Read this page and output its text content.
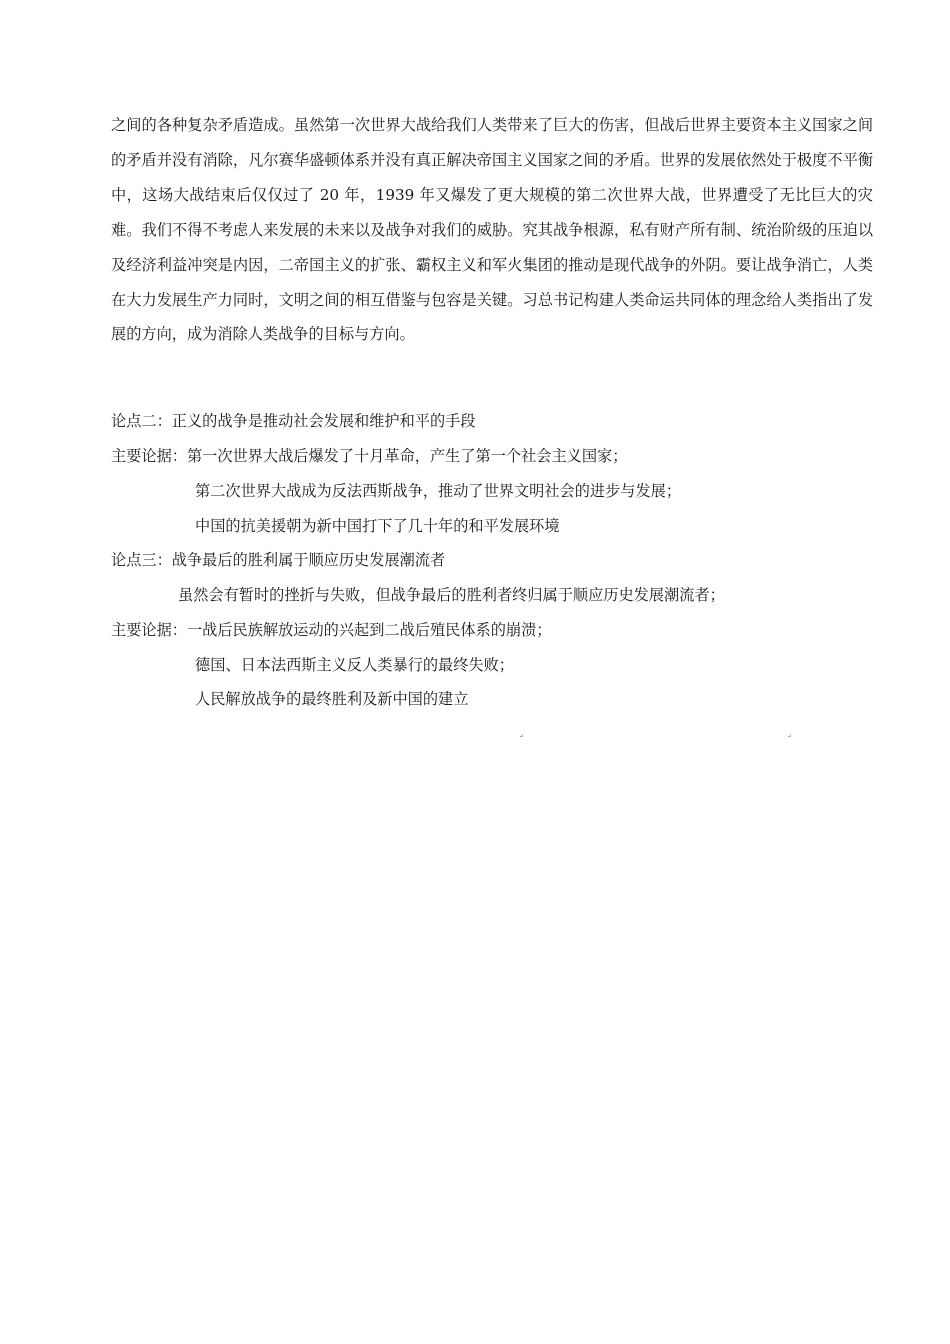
之间的各种复杂矛盾造成。虽然第一次世界大战给我们人类带来了巨大的伤害，但战后世界主要资本主义国家之间的矛盾并没有消除，凡尔赛华盛顿体系并没有真正解决帝国主义国家之间的矛盾。世界的发展依然处于极度不平衡中，这场大战结束后仅仅过了 20 年，1939 年又爆发了更大规模的第二次世界大战，世界遭受了无比巨大的灾难。我们不得不考虑人来发展的未来以及战争对我们的威胁。究其战争根源，私有财产所有制、统治阶级的压迫以及经济利益冲突是内因，二帝国主义的扩张、霸权主义和军火集团的推动是现代战争的外阴。要让战争消亡，人类在大力发展生产力同时，文明之间的相互借鉴与包容是关键。习总书记构建人类命运共同体的理念给人类指出了发展的方向，成为消除人类战争的目标与方向。

论点二：正义的战争是推动社会发展和维护和平的手段

主要论据：第一次世界大战后爆发了十月革命，产生了第一个社会主义国家；

第二次世界大战成为反法西斯战争，推动了世界文明社会的进步与发展；

中国的抗美援朝为新中国打下了几十年的和平发展环境

论点三：战争最后的胜利属于顺应历史发展潮流者

虽然会有暂时的挫折与失败，但战争最后的胜利者终归属于顺应历史发展潮流者；

主要论据：一战后民族解放运动的兴起到二战后殖民体系的崩溃；

德国、日本法西斯主义反人类暴行的最终失败；

人民解放战争的最终胜利及新中国的建立

↵	↵
